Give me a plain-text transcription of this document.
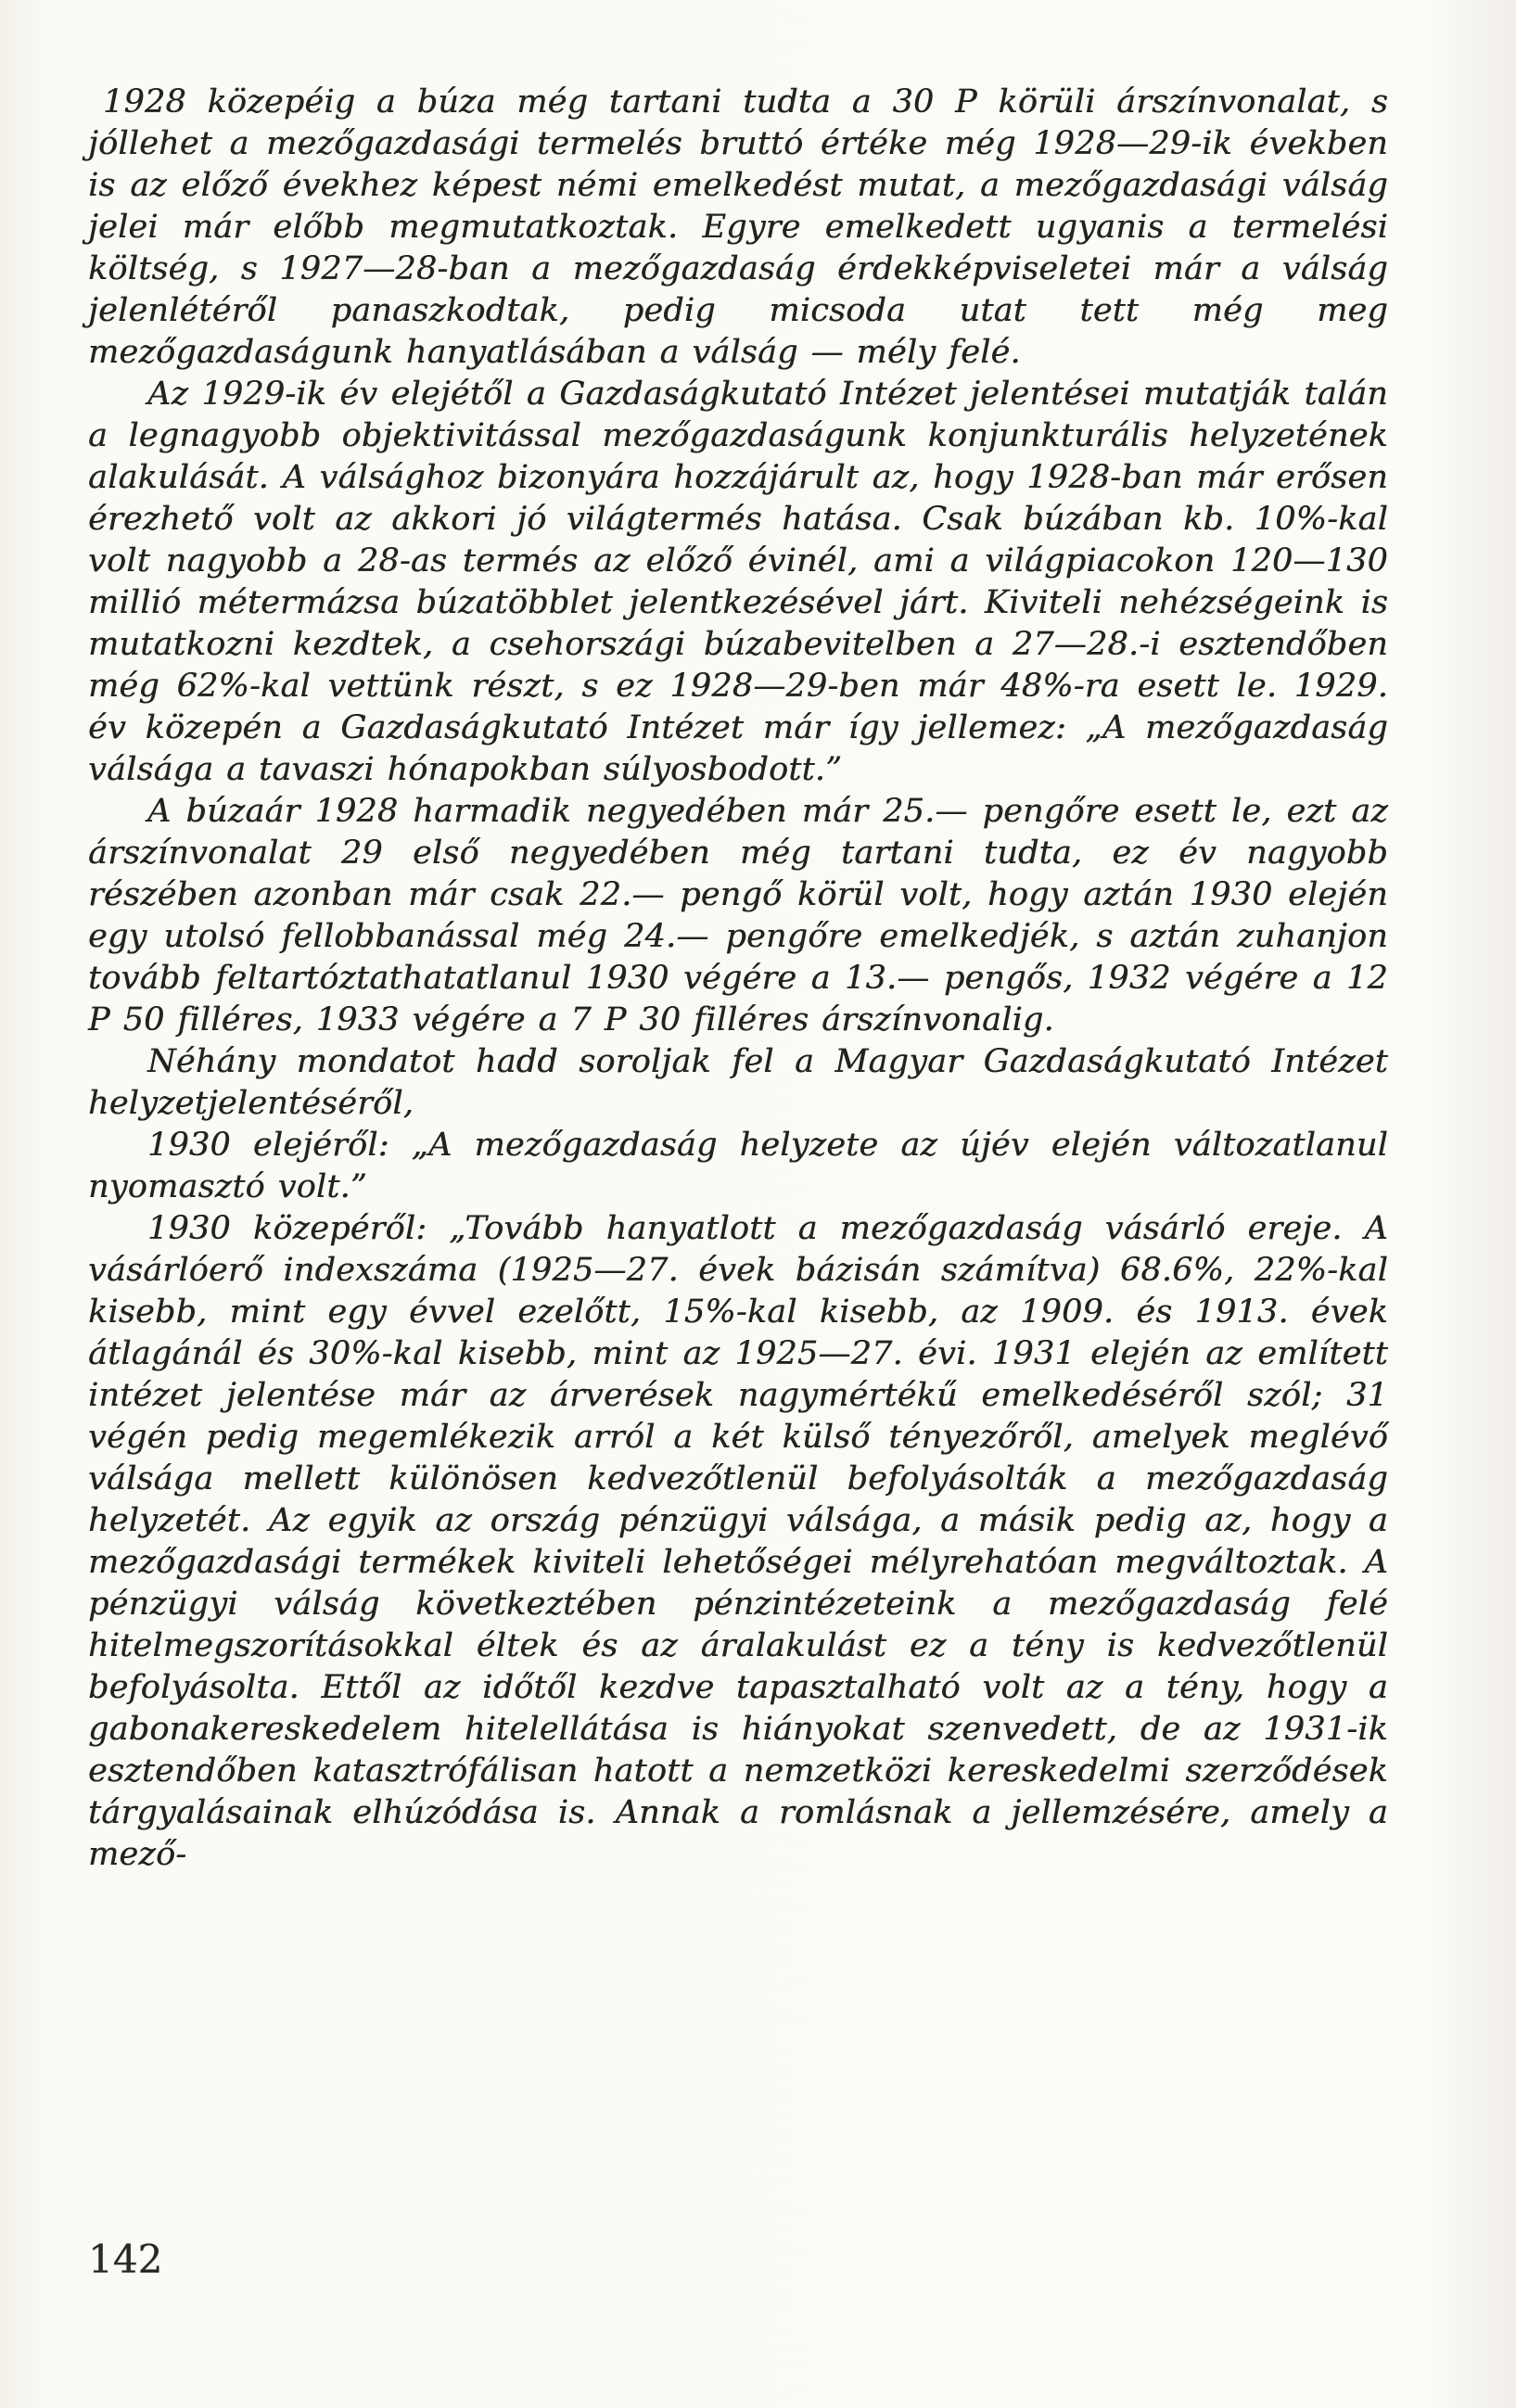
1928 közepéig a búza még tartani tudta a 30 P körüli árszínvonalat, s jóllehet a mezőgazdasági termelés bruttó értéke még 1928—29-ik években is az előző évekhez képest némi emelkedést mutat, a mezőgazdasági válság jelei már előbb megmutatkoztak. Egyre emelkedett ugyanis a termelési költség, s 1927—28-ban a mezőgazdaság érdekképviseletei már a válság jelenlétéről panaszkodtak, pedig micsoda utat tett még meg mezőgazdaságunk hanyatlásában a válság — mély felé.

Az 1929-ik év elejétől a Gazdaságkutató Intézet jelentései mutatják talán a legnagyobb objektivitással mezőgazdaságunk konjunkturális helyzetének alakulását. A válsághoz bizonyára hozzájárult az, hogy 1928-ban már erősen érezhető volt az akkori jó világtermés hatása. Csak búzában kb. 10%-kal volt nagyobb a 28-as termés az előző évinél, ami a világpiacokon 120—130 millió métermázsa búzatöbblet jelentkezésével járt. Kiviteli nehézségeink is mutatkozni kezdtek, a csehországi búzabevitelben a 27—28.-i esztendőben még 62%-kal vettünk részt, s ez 1928—29-ben már 48%-ra esett le. 1929. év közepén a Gazdaságkutató Intézet már így jellemez: „A mezőgazdaság válsága a tavaszi hónapokban súlyosbodott.”

A búzaár 1928 harmadik negyedében már 25.— pengőre esett le, ezt az árszínvonalat 29 első negyedében még tartani tudta, ez év nagyobb részében azonban már csak 22.— pengő körül volt, hogy aztán 1930 elején egy utolsó fellobbanással még 24.— pengőre emelkedjék, s aztán zuhanjon tovább feltartóztathatatlanul 1930 végére a 13.— pengős, 1932 végére a 12 P 50 filléres, 1933 végére a 7 P 30 filléres árszínvonalig.

Néhány mondatot hadd soroljak fel a Magyar Gazdaságkutató Intézet helyzetjelentéséről,

1930 elejéről: „A mezőgazdaság helyzete az újév elején változatlanul nyomasztó volt.”

1930 közepéről: „Tovább hanyatlott a mezőgazdaság vásárló ereje. A vásárlóerő indexszáma (1925—27. évek bázisán számítva) 68.6%, 22%-kal kisebb, mint egy évvel ezelőtt, 15%-kal kisebb, az 1909. és 1913. évek átlagánál és 30%-kal kisebb, mint az 1925—27. évi. 1931 elején az említett intézet jelentése már az árverések nagymértékű emelkedéséről szól; 31 végén pedig megemlékezik arról a két külső tényezőről, amelyek meglévő válsága mellett különösen kedvezőtlenül befolyásolták a mezőgazdaság helyzetét. Az egyik az ország pénzügyi válsága, a másik pedig az, hogy a mezőgazdasági termékek kiviteli lehetőségei mélyrehatóan megváltoztak. A pénzügyi válság következtében pénzintézeteink a mezőgazdaság felé hitelmegszorításokkal éltek és az áralakulást ez a tény is kedvezőtlenül befolyásolta. Ettől az időtől kezdve tapasztalható volt az a tény, hogy a gabonakereskedelem hitelellátása is hiányokat szenvedett, de az 1931-ik esztendőben katasztrófálisan hatott a nemzetközi kereskedelmi szerződések tárgyalásainak elhúzódása is. Annak a romlásnak a jellemzésére, amely a mező-

142
